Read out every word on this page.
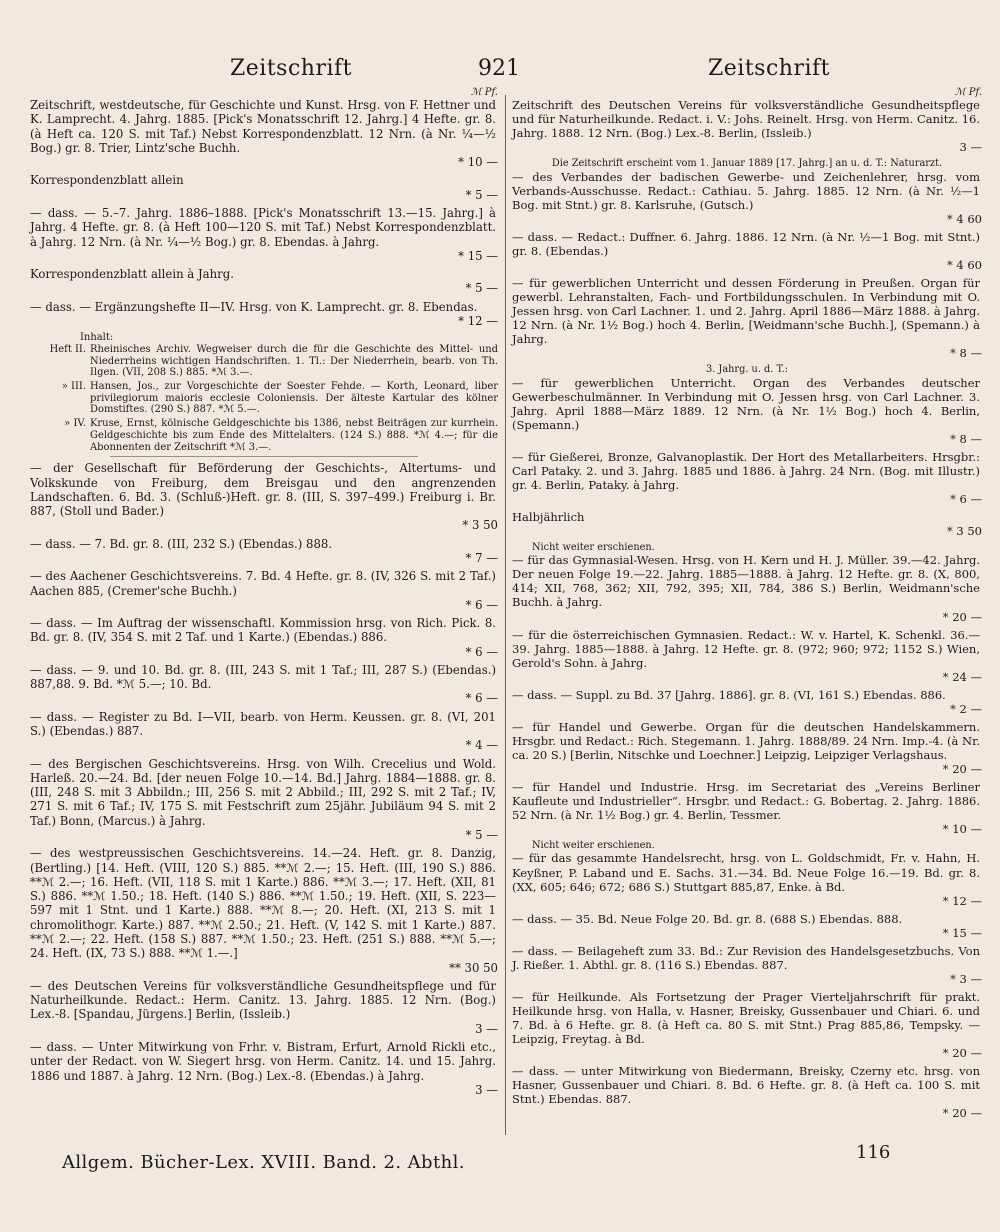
Zeitschrift	921	Zeitschrift
ℳ Pf.
Zeitschrift, westdeutsche, für Geschichte und Kunst. Hrsg. von F. Hettner und K. Lamprecht. 4. Jahrg. 1885. [Pick's Monatsschrift 12. Jahrg.] 4 Hefte. gr. 8. (à Heft ca. 120 S. mit Taf.) Nebst Korrespondenzblatt. 12 Nrn. (à Nr. ¼—½ Bog.) gr. 8. Trier, Lintz'sche Buchh.
* 10 —
Korrespondenzblatt allein
* 5 —
— dass. — 5.–7. Jahrg. 1886–1888. [Pick's Monatsschrift 13.—15. Jahrg.] à Jahrg. 4 Hefte. gr. 8. (à Heft 100—120 S. mit Taf.) Nebst Korrespondenzblatt. à Jahrg. 12 Nrn. (à Nr. ¼—½ Bog.) gr. 8. Ebendas. à Jahrg.
* 15 —
Korrespondenzblatt allein à Jahrg.
* 5 —
— dass. — Ergänzungshefte II—IV. Hrsg. von K. Lamprecht. gr. 8. Ebendas.
* 12 —
Inhalt:
Heft II. Rheinisches Archiv. Wegweiser durch die für die Geschichte des Mittel- und Niederrheins wichtigen Handschriften. 1. Tl.: Der Niederrhein, bearb. von Th. Ilgen. (VII, 208 S.) 885. *ℳ 3.—.
» III. Hansen, Jos., zur Vorgeschichte der Soester Fehde. — Korth, Leonard, liber privilegiorum maioris ecclesie Coloniensis. Der älteste Kartular des kölner Domstiftes. (290 S.) 887. *ℳ 5.—.
» IV. Kruse, Ernst, kölnische Geldgeschichte bis 1386, nebst Beiträgen zur kurrhein. Geldgeschichte bis zum Ende des Mittelalters. (124 S.) 888. *ℳ 4.—; für die Abonnenten der Zeitschrift *ℳ 3.—.
— der Gesellschaft für Beförderung der Geschichts-, Altertums- und Volkskunde von Freiburg, dem Breisgau und den angrenzenden Landschaften. 6. Bd. 3. (Schluß-)Heft. gr. 8. (III, S. 397–499.) Freiburg i. Br. 887, (Stoll und Bader.)
* 3 50
— dass. — 7. Bd. gr. 8. (III, 232 S.) (Ebendas.) 888.
* 7 —
— des Aachener Geschichtsvereins. 7. Bd. 4 Hefte. gr. 8. (IV, 326 S. mit 2 Taf.) Aachen 885, (Cremer'sche Buchh.)
* 6 —
— dass. — Im Auftrag der wissenschaftl. Kommission hrsg. von Rich. Pick. 8. Bd. gr. 8. (IV, 354 S. mit 2 Taf. und 1 Karte.) (Ebendas.) 886.
* 6 —
— dass. — 9. und 10. Bd. gr. 8. (III, 243 S. mit 1 Taf.; III, 287 S.) (Ebendas.) 887,88. 9. Bd. *ℳ 5.—; 10. Bd.
* 6 —
— dass. — Register zu Bd. I—VII, bearb. von Herm. Keussen. gr. 8. (VI, 201 S.) (Ebendas.) 887.
* 4 —
— des Bergischen Geschichtsvereins. Hrsg. von Wilh. Crecelius und Wold. Harleß. 20.—24. Bd. [der neuen Folge 10.—14. Bd.] Jahrg. 1884—1888. gr. 8. (III, 248 S. mit 3 Abbildn.; III, 256 S. mit 2 Abbild.; III, 292 S. mit 2 Taf.; IV, 271 S. mit 6 Taf.; IV, 175 S. mit Festschrift zum 25jähr. Jubiläum 94 S. mit 2 Taf.) Bonn, (Marcus.) à Jahrg.
* 5 —
— des westpreussischen Geschichtsvereins. 14.—24. Heft. gr. 8. Danzig, (Bertling.) [14. Heft. (VIII, 120 S.) 885. **ℳ 2.—; 15. Heft. (III, 190 S.) 886. **ℳ 2.—; 16. Heft. (VII, 118 S. mit 1 Karte.) 886. **ℳ 3.—; 17. Heft. (XII, 81 S.) 886. **ℳ 1.50.; 18. Heft. (140 S.) 886. **ℳ 1.50.; 19. Heft. (XII, S. 223—597 mit 1 Stnt. und 1 Karte.) 888. **ℳ 8.—; 20. Heft. (XI, 213 S. mit 1 chromolithogr. Karte.) 887. **ℳ 2.50.; 21. Heft. (V, 142 S. mit 1 Karte.) 887. **ℳ 2.—; 22. Heft. (158 S.) 887. **ℳ 1.50.; 23. Heft. (251 S.) 888. **ℳ 5.—; 24. Heft. (IX, 73 S.) 888. **ℳ 1.—.]
** 30 50
— des Deutschen Vereins für volksverständliche Gesundheitspflege und für Naturheilkunde. Redact.: Herm. Canitz. 13. Jahrg. 1885. 12 Nrn. (Bog.) Lex.-8. [Spandau, Jürgens.] Berlin, (Issleib.)
3 —
— dass. — Unter Mitwirkung von Frhr. v. Bistram, Erfurt, Arnold Rickli etc., unter der Redact. von W. Siegert hrsg. von Herm. Canitz. 14. und 15. Jahrg. 1886 und 1887. à Jahrg. 12 Nrn. (Bog.) Lex.-8. (Ebendas.) à Jahrg.
3 —
ℳ Pf.
Zeitschrift des Deutschen Vereins für volksverständliche Gesundheitspflege und für Naturheilkunde. Redact. i. V.: Johs. Reinelt. Hrsg. von Herm. Canitz. 16. Jahrg. 1888. 12 Nrn. (Bog.) Lex.-8. Berlin, (Issleib.)
3 —
Die Zeitschrift erscheint vom 1. Januar 1889 [17. Jahrg.] an u. d. T.: Naturarzt.
— des Verbandes der badischen Gewerbe- und Zeichenlehrer, hrsg. vom Verbands-Ausschusse. Redact.: Cathiau. 5. Jahrg. 1885. 12 Nrn. (à Nr. ½—1 Bog. mit Stnt.) gr. 8. Karlsruhe, (Gutsch.)
* 4 60
— dass. — Redact.: Duffner. 6. Jahrg. 1886. 12 Nrn. (à Nr. ½—1 Bog. mit Stnt.) gr. 8. (Ebendas.)
* 4 60
— für gewerblichen Unterricht und dessen Förderung in Preußen. Organ für gewerbl. Lehranstalten, Fach- und Fortbildungsschulen. In Verbindung mit O. Jessen hrsg. von Carl Lachner. 1. und 2. Jahrg. April 1886—März 1888. à Jahrg. 12 Nrn. (à Nr. 1½ Bog.) hoch 4. Berlin, [Weidmann'sche Buchh.], (Spemann.) à Jahrg.
* 8 —
3. Jahrg. u. d. T.:
— für gewerblichen Unterricht. Organ des Verbandes deutscher Gewerbeschulmänner. In Verbindung mit O. Jessen hrsg. von Carl Lachner. 3. Jahrg. April 1888—März 1889. 12 Nrn. (à Nr. 1½ Bog.) hoch 4. Berlin, (Spemann.)
* 8 —
— für Gießerei, Bronze, Galvanoplastik. Der Hort des Metallarbeiters. Hrsgbr.: Carl Pataky. 2. und 3. Jahrg. 1885 und 1886. à Jahrg. 24 Nrn. (Bog. mit Illustr.) gr. 4. Berlin, Pataky. à Jahrg.
* 6 —
Halbjährlich
* 3 50
Nicht weiter erschienen.
— für das Gymnasial-Wesen. Hrsg. von H. Kern und H. J. Müller. 39.—42. Jahrg. Der neuen Folge 19.—22. Jahrg. 1885—1888. à Jahrg. 12 Hefte. gr. 8. (X, 800, 414; XII, 768, 362; XII, 792, 395; XII, 784, 386 S.) Berlin, Weidmann'sche Buchh. à Jahrg.
* 20 —
— für die österreichischen Gymnasien. Redact.: W. v. Hartel, K. Schenkl. 36.—39. Jahrg. 1885—1888. à Jahrg. 12 Hefte. gr. 8. (972; 960; 972; 1152 S.) Wien, Gerold's Sohn. à Jahrg.
* 24 —
— dass. — Suppl. zu Bd. 37 [Jahrg. 1886]. gr. 8. (VI, 161 S.) Ebendas. 886.
* 2 —
— für Handel und Gewerbe. Organ für die deutschen Handelskammern. Hrsgbr. und Redact.: Rich. Stegemann. 1. Jahrg. 1888/89. 24 Nrn. Imp.-4. (à Nr. ca. 20 S.) [Berlin, Nitschke und Loechner.] Leipzig, Leipziger Verlagshaus.
* 20 —
— für Handel und Industrie. Hrsg. im Secretariat des „Vereins Berliner Kaufleute und Industrieller“. Hrsgbr. und Redact.: G. Bobertag. 2. Jahrg. 1886. 52 Nrn. (à Nr. 1½ Bog.) gr. 4. Berlin, Tessmer.
* 10 —
Nicht weiter erschienen.
— für das gesammte Handelsrecht, hrsg. von L. Goldschmidt, Fr. v. Hahn, H. Keyßner, P. Laband und E. Sachs. 31.—34. Bd. Neue Folge 16.—19. Bd. gr. 8. (XX, 605; 646; 672; 686 S.) Stuttgart 885,87, Enke. à Bd.
* 12 —
— dass. — 35. Bd. Neue Folge 20. Bd. gr. 8. (688 S.) Ebendas. 888.
* 15 —
— dass. — Beilageheft zum 33. Bd.: Zur Revision des Handelsgesetzbuchs. Von J. Rießer. 1. Abthl. gr. 8. (116 S.) Ebendas. 887.
* 3 —
— für Heilkunde. Als Fortsetzung der Prager Vierteljahrschrift für prakt. Heilkunde hrsg. von Halla, v. Hasner, Breisky, Gussenbauer und Chiari. 6. und 7. Bd. à 6 Hefte. gr. 8. (à Heft ca. 80 S. mit Stnt.) Prag 885,86, Tempsky. — Leipzig, Freytag. à Bd.
* 20 —
— dass. — unter Mitwirkung von Biedermann, Breisky, Czerny etc. hrsg. von Hasner, Gussenbauer und Chiari. 8. Bd. 6 Hefte. gr. 8. (à Heft ca. 100 S. mit Stnt.) Ebendas. 887.
* 20 —
Allgem. Bücher-Lex. XVIII. Band. 2. Abthl.	116
